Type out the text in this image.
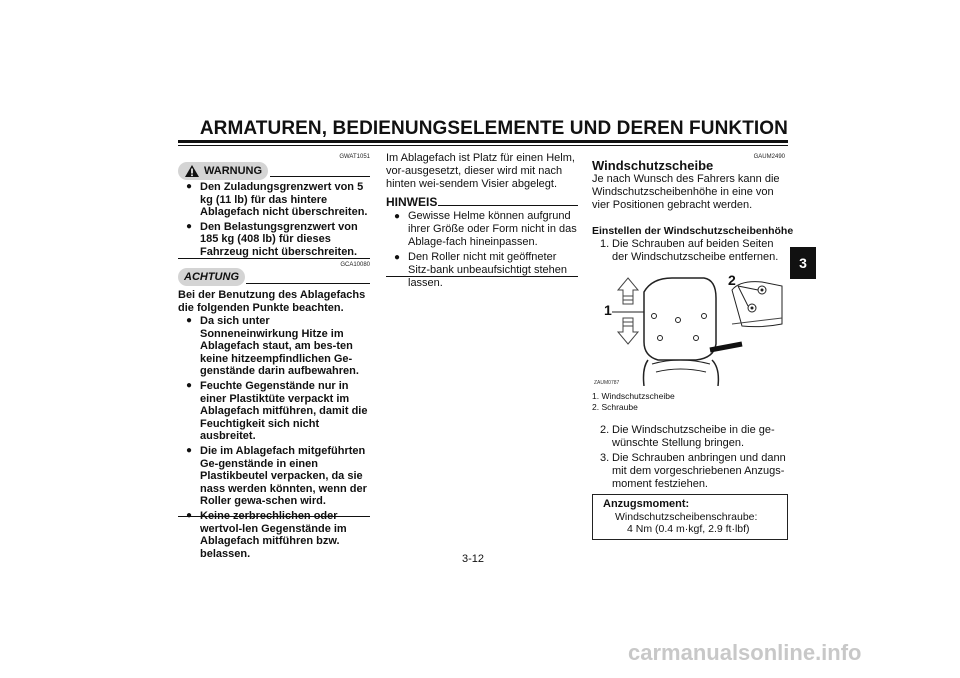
ARMATUREN, BEDIENUNGSELEMENTE UND DEREN FUNKTION
3
GWAT1051
WARNUNG
● Den Zuladungsgrenzwert von 5 kg (11 lb) für das hintere Ablagefach nicht überschreiten.
● Den Belastungsgrenzwert von 185 kg (408 lb) für dieses Fahrzeug nicht überschreiten.
GCA10080
ACHTUNG
Bei der Benutzung des Ablagefachs die folgenden Punkte beachten.
● Da sich unter Sonneneinwirkung Hitze im Ablagefach staut, am bes-ten keine hitzeempfindlichen Ge-genstände darin aufbewahren.
● Feuchte Gegenstände nur in einer Plastiktüte verpackt im Ablagefach mitführen, damit die Feuchtigkeit sich nicht ausbreitet.
● Die im Ablagefach mitgeführten Ge-genstände in einen Plastikbeutel verpacken, da sie nass werden könnten, wenn der Roller gewa-schen wird.
● Keine zerbrechlichen oder wertvol-len Gegenstände im Ablagefach mitführen bzw. belassen.
Im Ablagefach ist Platz für einen Helm, vor-ausgesetzt, dieser wird mit nach hinten wei-sendem Visier abgelegt.
HINWEIS
● Gewisse Helme können aufgrund ihrer Größe oder Form nicht in das Ablage-fach hineinpassen.
● Den Roller nicht mit geöffneter Sitz-bank unbeaufsichtigt stehen lassen.
GAUM2490
Windschutzscheibe
Je nach Wunsch des Fahrers kann die Windschutzscheibenhöhe in eine von vier Positionen gebracht werden.
Einstellen der Windschutzscheibenhöhe
1. Die Schrauben auf beiden Seiten der Windschutzscheibe entfernen.
1
2
ZAUM0787
1. Windschutzscheibe
2. Schraube
2. Die Windschutzscheibe in die ge-wünschte Stellung bringen.
3. Die Schrauben anbringen und dann mit dem vorgeschriebenen Anzugs-moment festziehen.
Anzugsmoment:
Windschutzscheibenschraube:
4 Nm (0.4 m·kgf, 2.9 ft·lbf)
3-12
carmanualsonline.info
